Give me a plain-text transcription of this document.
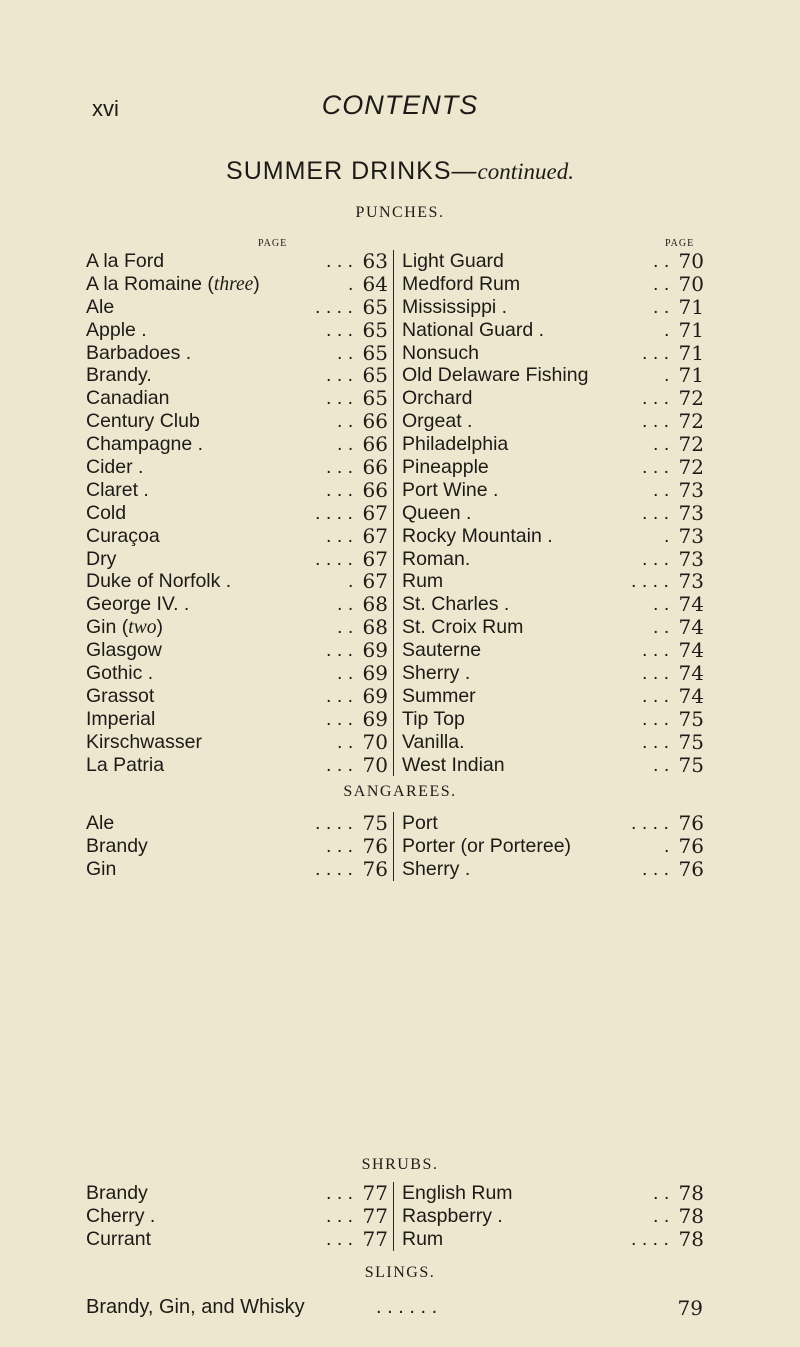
xvi	CONTENTS
SUMMER DRINKS—continued.
PUNCHES.
PAGE	PAGE
A la Ford	. . . 63
A la Romaine (three)	. 64
Ale	. . . . 65
Apple .	. . . 65
Barbadoes .	. . 65
Brandy.	. . . 65
Canadian	. . . 65
Century Club	. . 66
Champagne .	. . 66
Cider .	. . . 66
Claret .	. . . 66
Cold	. . . . 67
Curaçoa	. . . 67
Dry	. . . . 67
Duke of Norfolk .	. 67
George IV. .	. . 68
Gin (two)	. . 68
Glasgow	. . . 69
Gothic .	. . 69
Grassot	. . . 69
Imperial	. . . 69
Kirschwasser	. . 70
La Patria	. . . 70
Light Guard	. . 70
Medford Rum	. . 70
Mississippi .	. . 71
National Guard .	. 71
Nonsuch	. . . 71
Old Delaware Fishing	. 71
Orchard	. . . 72
Orgeat .	. . . 72
Philadelphia	. . 72
Pineapple	. . . 72
Port Wine .	. . 73
Queen .	. . . 73
Rocky Mountain .	. 73
Roman.	. . . 73
Rum	. . . . 73
St. Charles .	. . 74
St. Croix Rum	. . 74
Sauterne	. . . 74
Sherry .	. . . 74
Summer	. . . 74
Tip Top	. . . 75
Vanilla.	. . . 75
West Indian	. . 75
SANGAREES.
Ale	. . . . 75
Brandy	. . . 76
Gin	. . . . 76
Port	. . . . 76
Porter (or Porteree)	. 76
Sherry .	. . . 76
SHRUBS.
Brandy	. . . 77
Cherry .	. . . 77
Currant	. . . 77
English Rum	. . 78
Raspberry .	. . 78
Rum	. . . . 78
SLINGS.
Brandy, Gin, and Whisky	. . . . . .	79
